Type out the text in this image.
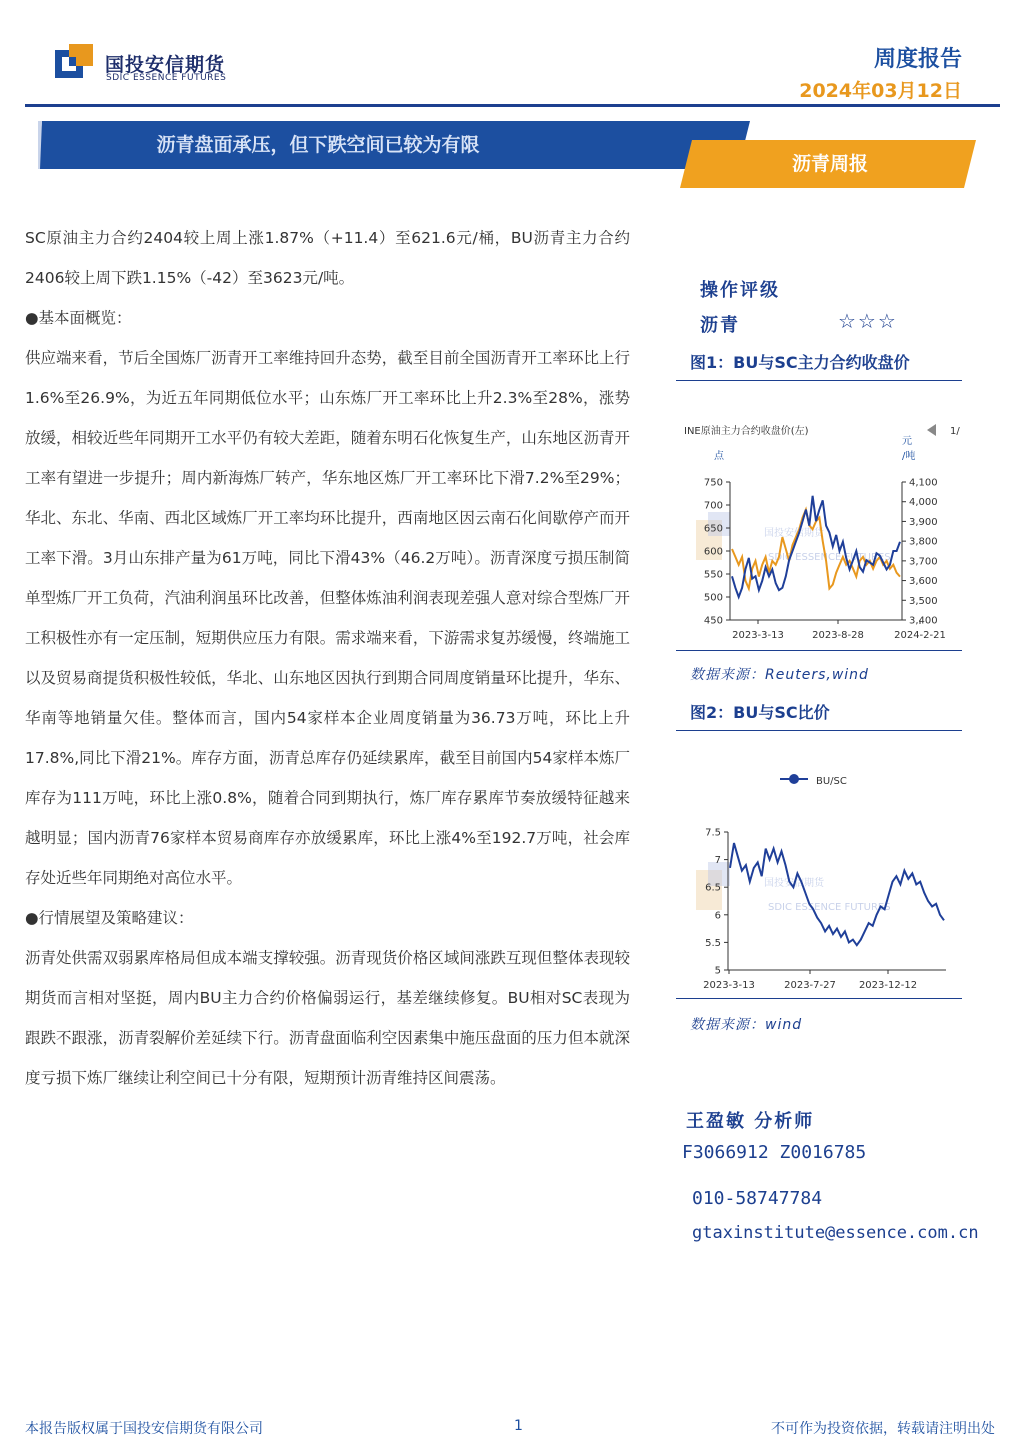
国投安信期货
SDIC ESSENCE FUTURES
周度报告
2024年03月12日
沥青盘面承压，但下跌空间已较为有限
沥青周报

SC原油主力合约2404较上周上涨1.87%（+11.4）至621.6元/桶，BU沥青主力合约2406较上周下跌1.15%（-42）至3623元/吨。

●基本面概览：

供应端来看，节后全国炼厂沥青开工率维持回升态势，截至目前全国沥青开工率环比上行1.6%至26.9%，为近五年同期低位水平；山东炼厂开工率环比上升2.3%至28%，涨势放缓，相较近些年同期开工水平仍有较大差距，随着东明石化恢复生产，山东地区沥青开工率有望进一步提升；周内新海炼厂转产，华东地区炼厂开工率环比下滑7.2%至29%；华北、东北、华南、西北区域炼厂开工率均环比提升，西南地区因云南石化间歇停产而开工率下滑。3月山东排产量为61万吨，同比下滑43%（46.2万吨）。沥青深度亏损压制简单型炼厂开工负荷，汽油利润虽环比改善，但整体炼油利润表现差强人意对综合型炼厂开工积极性亦有一定压制，短期供应压力有限。需求端来看，下游需求复苏缓慢，终端施工以及贸易商提货积极性较低，华北、山东地区因执行到期合同周度销量环比提升，华东、华南等地销量欠佳。整体而言，国内54家样本企业周度销量为36.73万吨，环比上升17.8%,同比下滑21%。库存方面，沥青总库存仍延续累库，截至目前国内54家样本炼厂库存为111万吨，环比上涨0.8%，随着合同到期执行，炼厂库存累库节奏放缓特征越来越明显；国内沥青76家样本贸易商库存亦放缓累库，环比上涨4%至192.7万吨，社会库存处近些年同期绝对高位水平。

●行情展望及策略建议：

沥青处供需双弱累库格局但成本端支撑较强。沥青现货价格区域间涨跌互现但整体表现较期货而言相对坚挺，周内BU主力合约价格偏弱运行，基差继续修复。BU相对SC表现为跟跌不跟涨，沥青裂解价差延续下行。沥青盘面临利空因素集中施压盘面的压力但本就深度亏损下炼厂继续让利空间已十分有限，短期预计沥青维持区间震荡。

操作评级
沥青	☆☆☆
图1：BU与SC主力合约收盘价
INE原油主力合约收盘价(左)	1/
点
元
/吨
国投安信期货
SDIC ESSENCE FUTURES
750
700
650
600
550
500
450
4,100
4,000
3,900
3,800
3,700
3,600
3,500
3,400
2023-3-13	2023-8-28	2024-2-21
数据来源：Reuters,wind
图2：BU与SC比价
BU/SC
国投安信期货
SDIC ESSENCE FUTURES
7.5
7
6.5
6
5.5
5
2023-3-13	2023-7-27 2023-12-12
数据来源：wind
王盈敏 分析师
F3066912 Z0016785
010-58747784
gtaxinstitute@essence.com.cn
本报告版权属于国投安信期货有限公司	1	不可作为投资依据，转载请注明出处
